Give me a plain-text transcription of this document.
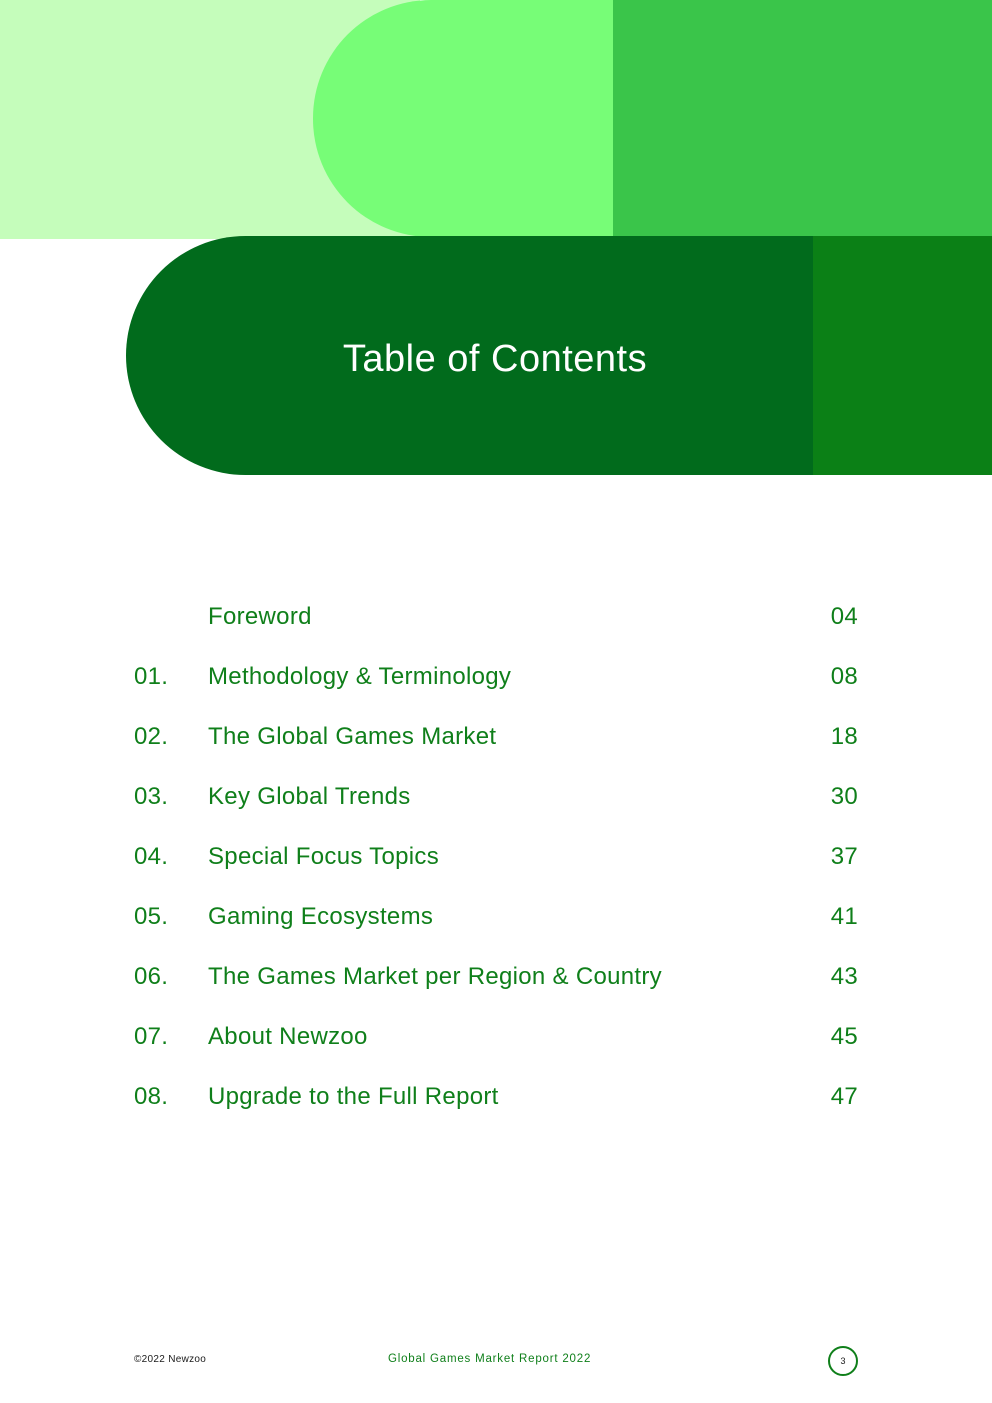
Table of Contents
Foreword	04
01. Methodology & Terminology	08
02. The Global Games Market	18
03. Key Global Trends	30
04. Special Focus Topics	37
05. Gaming Ecosystems	41
06. The Games Market per Region & Country	43
07. About Newzoo	45
08. Upgrade to the Full Report	47
©2022 Newzoo	Global Games Market Report 2022	3
